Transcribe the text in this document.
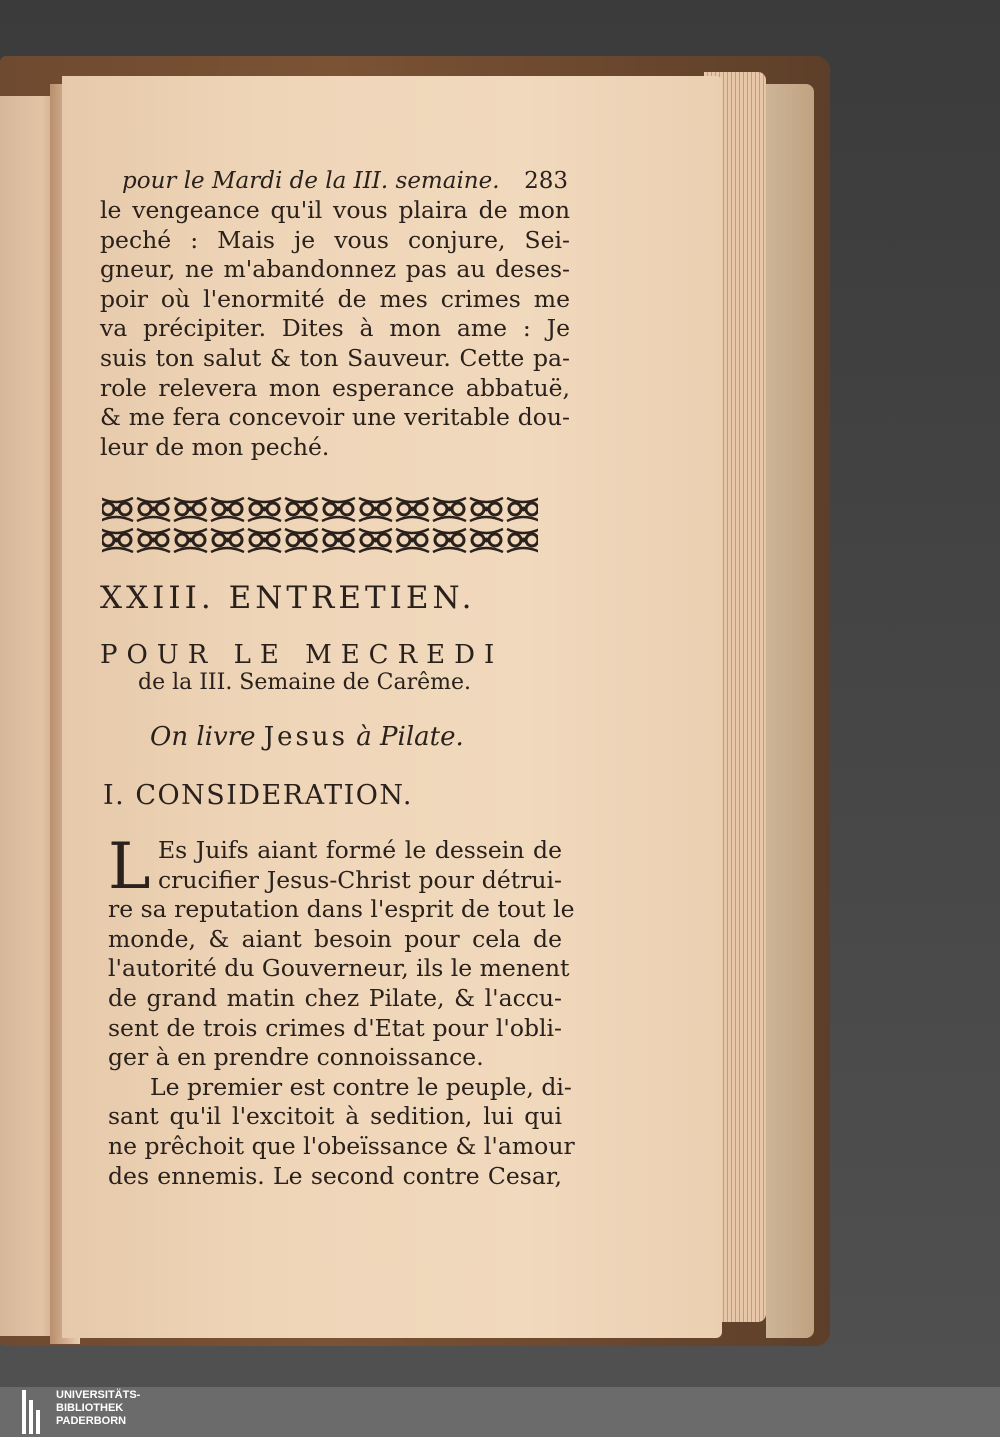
pour le Mardi de la III. semaine. 283
le vengeance qu'il vous plaira de mon
peché : Mais je vous conjure, Sei-
gneur, ne m'abandonnez pas au deses-
poir où l'enormité de mes crimes me
va précipiter. Dites à mon ame : Je
suis ton salut & ton Sauveur. Cette pa-
role relevera mon esperance abbatuë,
& me fera concevoir une veritable dou-
leur de mon peché.
XXIII. ENTRETIEN.
POUR LE MECREDI
de la III. Semaine de Carême.
On livre Jesus à Pilate.
I. CONSIDERATION.
L Es Juifs aiant formé le dessein de
crucifier Jesus-Christ pour détrui-
re sa reputation dans l'esprit de tout le
monde, & aiant besoin pour cela de
l'autorité du Gouverneur, ils le menent
de grand matin chez Pilate, & l'accu-
sent de trois crimes d'Etat pour l'obli-
ger à en prendre connoissance.
Le premier est contre le peuple, di-
sant qu'il l'excitoit à sedition, lui qui
ne prêchoit que l'obeïssance & l'amour
des ennemis. Le second contre Cesar,
UNIVERSITÄTS-
BIBLIOTHEK
PADERBORN
